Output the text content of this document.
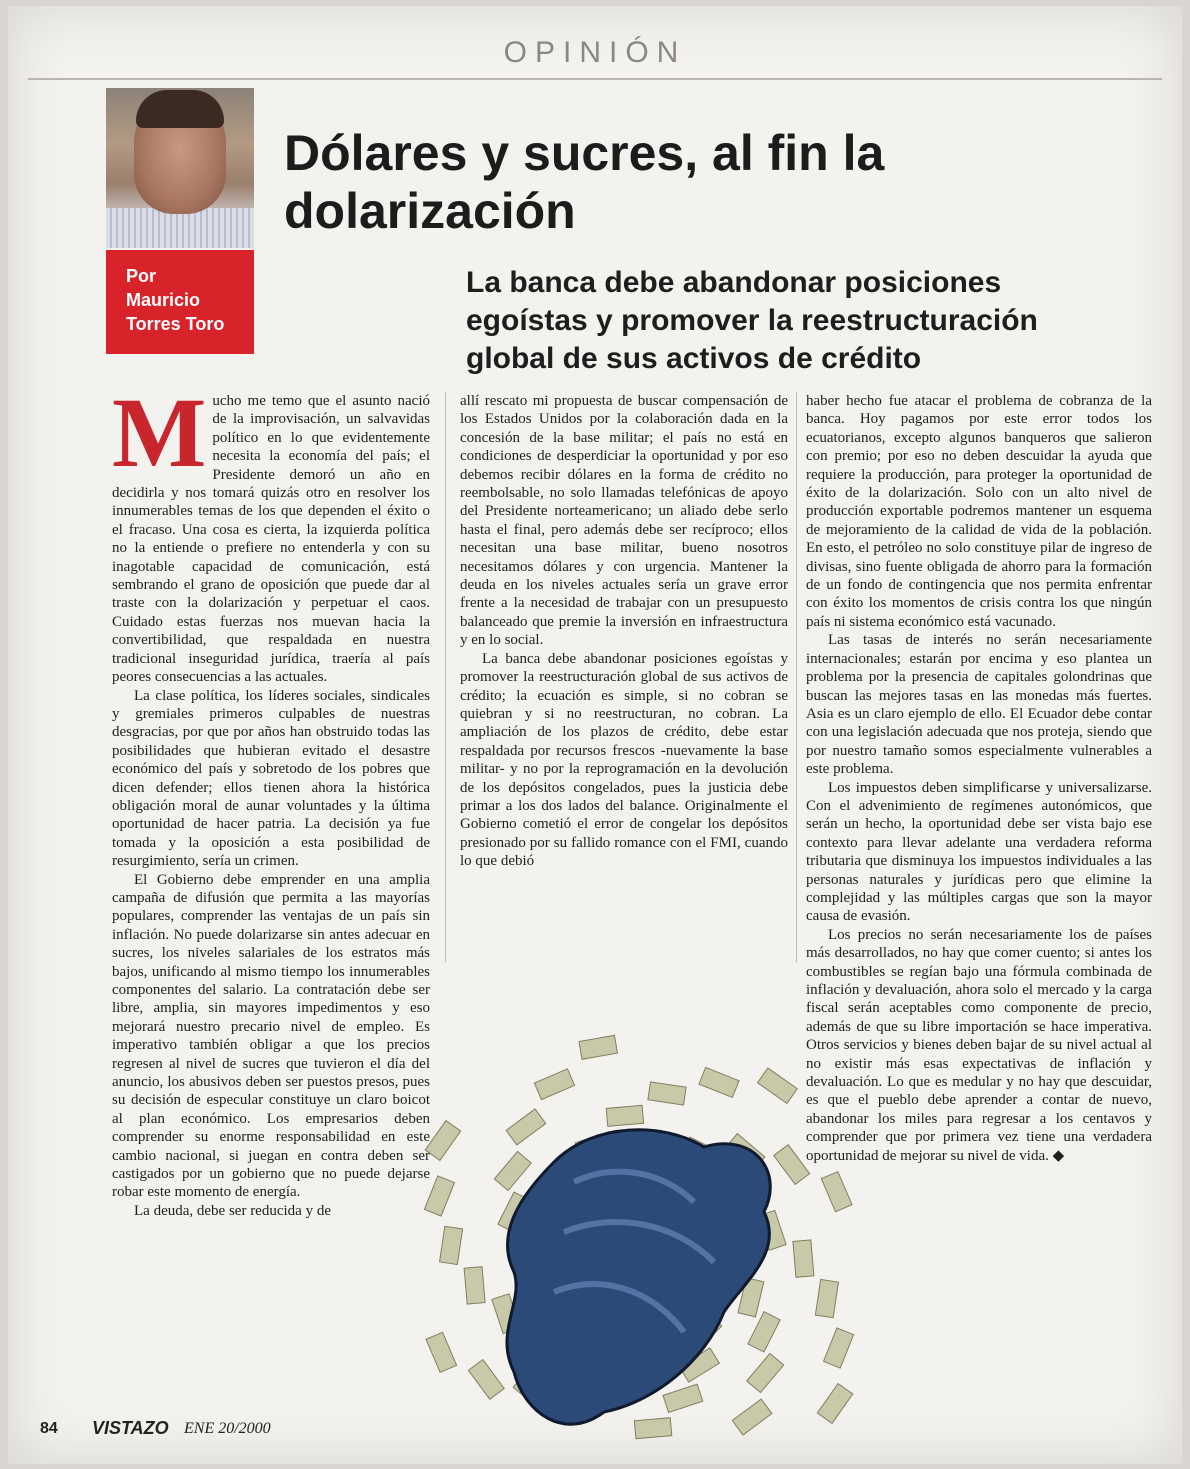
OPINIÓN
Por
Mauricio
Torres Toro
Dólares y sucres, al fin la dolarización
La banca debe abandonar posiciones egoístas y promover la reestructuración global de sus activos de crédito
M ucho me temo que el asunto nació de la improvisación, un salvavidas político en lo que evidentemente necesita la economía del país; el Presidente demoró un año en decidirla y nos tomará quizás otro en resolver los innumerables temas de los que dependen el éxito o el fracaso. Una cosa es cierta, la izquierda política no la entiende o prefiere no entenderla y con su inagotable capacidad de comunicación, está sembrando el grano de oposición que puede dar al traste con la dolarización y perpetuar el caos. Cuidado estas fuerzas nos muevan hacia la convertibilidad, que respaldada en nuestra tradicional inseguridad jurídica, traería al país peores consecuencias a las actuales.

La clase política, los líderes sociales, sindicales y gremiales primeros culpables de nuestras desgracias, por que por años han obstruido todas las posibilidades que hubieran evitado el desastre económico del país y sobretodo de los pobres que dicen defender; ellos tienen ahora la histórica obligación moral de aunar voluntades y la última oportunidad de hacer patria. La decisión ya fue tomada y la oposición a esta posibilidad de resurgimiento, sería un crimen.

El Gobierno debe emprender en una amplia campaña de difusión que permita a las mayorías populares, comprender las ventajas de un país sin inflación. No puede dolarizarse sin antes adecuar en sucres, los niveles salariales de los estratos más bajos, unificando al mismo tiempo los innumerables componentes del salario. La contratación debe ser libre, amplia, sin mayores impedimentos y eso mejorará nuestro precario nivel de empleo. Es imperativo también obligar a que los precios regresen al nivel de sucres que tuvieron el día del anuncio, los abusivos deben ser puestos presos, pues su decisión de especular constituye un claro boicot al plan económico. Los empresarios deben comprender su enorme responsabilidad en este cambio nacional, si juegan en contra deben ser castigados por un gobierno que no puede dejarse robar este momento de energía.

La deuda, debe ser reducida y de

allí rescato mi propuesta de buscar compensación de los Estados Unidos por la colaboración dada en la concesión de la base militar; el país no está en condiciones de desperdiciar la oportunidad y por eso debemos recibir dólares en la forma de crédito no reembolsable, no solo llamadas telefónicas de apoyo del Presidente norteamericano; un aliado debe serlo hasta el final, pero además debe ser recíproco; ellos necesitan una base militar, bueno nosotros necesitamos dólares y con urgencia. Mantener la deuda en los niveles actuales sería un grave error frente a la necesidad de trabajar con un presupuesto balanceado que premie la inversión en infraestructura y en lo social.

La banca debe abandonar posiciones egoístas y promover la reestructuración global de sus activos de crédito; la ecuación es simple, si no cobran se quiebran y si no reestructuran, no cobran. La ampliación de los plazos de crédito, debe estar respaldada por recursos frescos -nuevamente la base militar- y no por la reprogramación en la devolución de los depósitos congelados, pues la justicia debe primar a los dos lados del balance. Originalmente el Gobierno cometió el error de congelar los depósitos presionado por su fallido romance con el FMI, cuando lo que debió

haber hecho fue atacar el problema de cobranza de la banca. Hoy pagamos por este error todos los ecuatorianos, excepto algunos banqueros que salieron con premio; por eso no deben descuidar la ayuda que requiere la producción, para proteger la oportunidad de éxito de la dolarización. Solo con un alto nivel de producción exportable podremos mantener un esquema de mejoramiento de la calidad de vida de la población. En esto, el petróleo no solo constituye pilar de ingreso de divisas, sino fuente obligada de ahorro para la formación de un fondo de contingencia que nos permita enfrentar con éxito los momentos de crisis contra los que ningún país ni sistema económico está vacunado.

Las tasas de interés no serán necesariamente internacionales; estarán por encima y eso plantea un problema por la presencia de capitales golondrinas que buscan las mejores tasas en las monedas más fuertes. Asia es un claro ejemplo de ello. El Ecuador debe contar con una legislación adecuada que nos proteja, siendo que por nuestro tamaño somos especialmente vulnerables a este problema.

Los impuestos deben simplificarse y universalizarse. Con el advenimiento de regímenes autonómicos, que serán un hecho, la oportunidad debe ser vista bajo ese contexto para llevar adelante una verdadera reforma tributaria que disminuya los impuestos individuales a las personas naturales y jurídicas pero que elimine la complejidad y las múltiples cargas que son la mayor causa de evasión.

Los precios no serán necesariamente los de países más desarrollados, no hay que comer cuento; si antes los combustibles se regían bajo una fórmula combinada de inflación y devaluación, ahora solo el mercado y la carga fiscal serán aceptables como componente de precio, además de que su libre importación se hace imperativa. Otros servicios y bienes deben bajar de su nivel actual al no existir más esas expectativas de inflación y devaluación. Lo que es medular y no hay que descuidar, es que el pueblo debe aprender a contar de nuevo, abandonar los miles para regresar a los centavos y comprender que por primera vez tiene una verdadera oportunidad de mejorar su nivel de vida. ◆

84 VISTAZO ENE 20/2000
